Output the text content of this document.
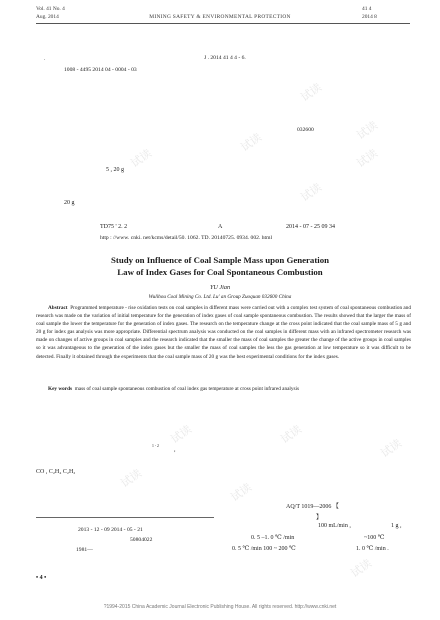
Vol. 41 No. 4
Aug. 2014	MINING SAFETY & ENVIRONMENTAL PROTECTION
41 4
2014 8
.	J . 2014 41 4 4 - 6.
1008 - 4495 2014 04 - 0004 - 03
032600
5 , 20 g
20 g
TD75 ' 2. 2	A	2014 - 07 - 25 09 34
http : //www. cnki. net/kcms/detail/50. 1062. TD. 20140725. 0934. 002. html
Study on Influence of Coal Sample Mass upon Generation
Law of Index Gases for Coal Spontaneous Combustion
YU Jian
Wulihou Coal Mining Co. Ltd. Lu' an Group Zuoquan 032600 China
Abstract Programmed temperature - rise oxidation tests on coal samples in different mass were carried out with a complex test system of coal spontaneous combustion and research was made on the variation of initial temperature for the generation of index gases of coal sample spontaneous combustion. The results showed that the larger the mass of coal sample the lower the temperature for the generation of index gases. The research on the temperature change at the cross point indicated that the coal sample mass of 5 g and 20 g for index gas analysis was more appropriate. Differential spectrum analysis was conducted on the coal samples in different mass with an infrared spectrometer research was made on changes of active groups in coal samples and the research indicated that the smaller the mass of coal samples the greater the change of the active groups in coal samples so it was advantageous to the generation of the index gases but the smaller the mass of coal samples the less the gas generation at low temperature so it was difficult to be detected. Finally it obtained through the experiments that the coal sample mass of 20 g was the best experimental conditions for the index gases.
Key words mass of coal sample spontaneous combustion of coal index gas temperature at cross point infrared analysis
1 - 2
,
CO , C₂H₄ C₂H₂
AQ/T 1019—2006 【
】
100 mL/min ,	1 g ,
0. 5 –1. 0 ℃ /min	~100 ℃
0. 5 ℃ /min 100 ~ 200 ℃	1. 0 ℃ /min .
2013 - 12 - 09 2014 - 05 - 21
50804022
1981—
• 4 •
?1994-2015 China Academic Journal Electronic Publishing House. All rights reserved. http://www.cnki.net
试读
试读
试读
试读
试读
试读
试读	试读
试读
试读
试读
试读
